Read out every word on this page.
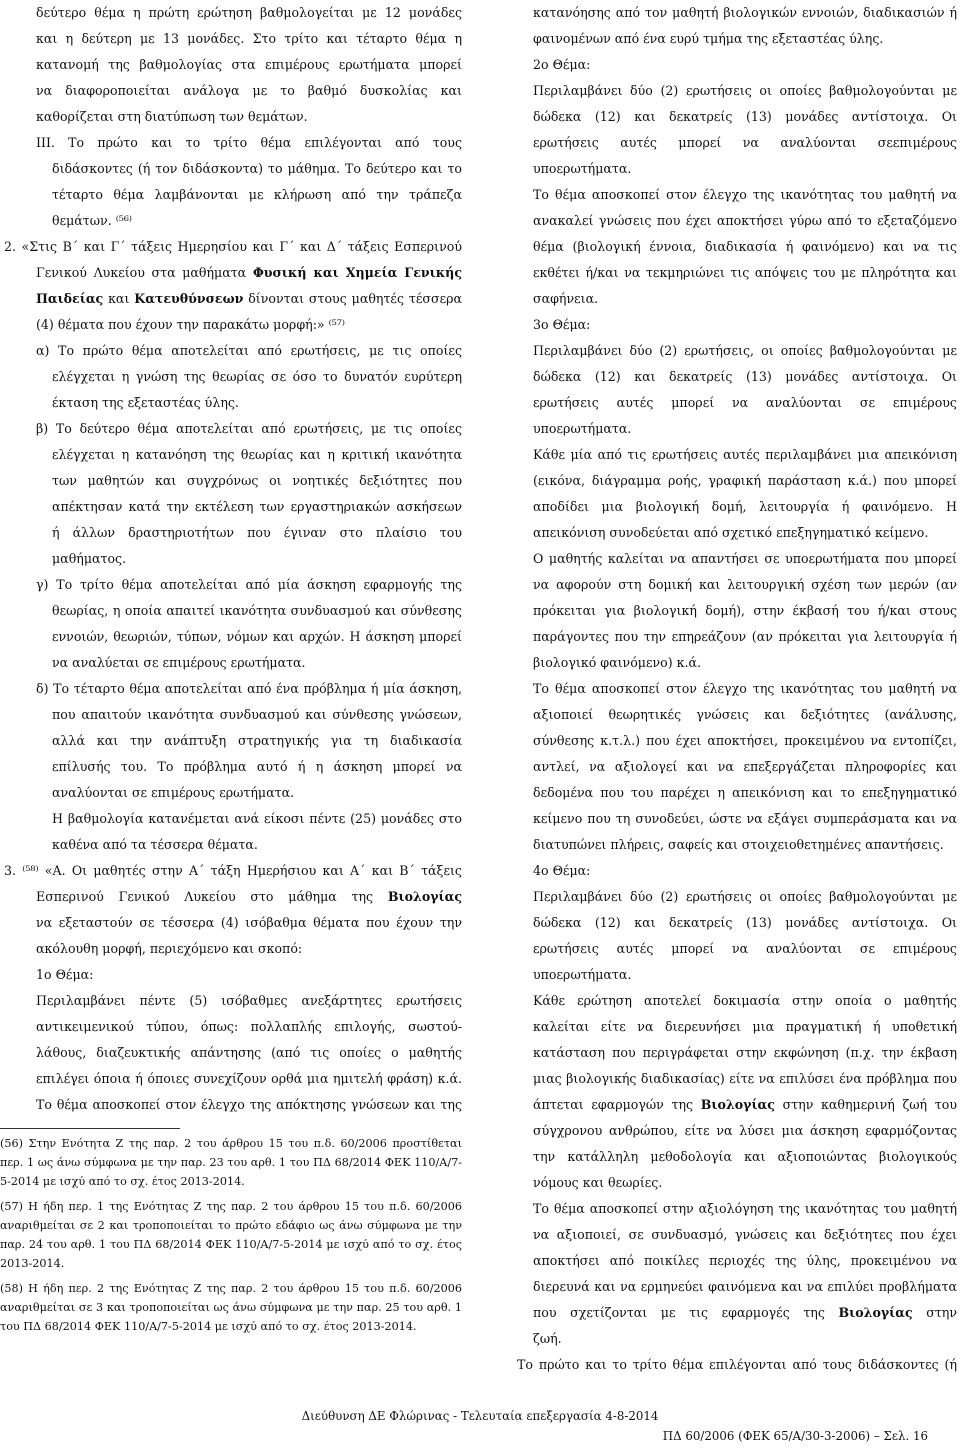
δεύτερο θέμα η πρώτη ερώτηση βαθμολογείται με 12 μονάδες
και η δεύτερη με 13 μονάδες. Στο τρίτο και τέταρτο θέμα η
κατανομή της βαθμολογίας στα επιμέρους ερωτήματα μπορεί
να διαφοροποιείται ανάλογα με το βαθμό δυσκολίας και
καθορίζεται στη διατύπωση των θεμάτων.
ΙΙΙ. Το πρώτο και το τρίτο θέμα επιλέγονται από τους
διδάσκοντες (ή τον διδάσκοντα) το μάθημα. Το δεύτερο και το
τέταρτο θέμα λαμβάνονται με κλήρωση από την τράπεζα
θεμάτων. ⁽⁵⁶⁾
2. «Στις Β΄ και Γ΄ τάξεις Ημερησίου και Γ΄ και Δ΄ τάξεις Εσπερινού
Γενικού Λυκείου στα μαθήματα Φυσική και Χημεία Γενικής
Παιδείας και Κατευθύνσεων δίνονται στους μαθητές τέσσερα
(4) θέματα που έχουν την παρακάτω μορφή:» ⁽⁵⁷⁾
α) Το πρώτο θέμα αποτελείται από ερωτήσεις, με τις οποίες
ελέγχεται η γνώση της θεωρίας σε όσο το δυνατόν ευρύτερη
έκταση της εξεταστέας ύλης.
β) Το δεύτερο θέμα αποτελείται από ερωτήσεις, με τις οποίες
ελέγχεται η κατανόηση της θεωρίας και η κριτική ικανότητα
των μαθητών και συγχρόνως οι νοητικές δεξιότητες που
απέκτησαν κατά την εκτέλεση των εργαστηριακών ασκήσεων
ή άλλων δραστηριοτήτων που έγιναν στο πλαίσιο του
μαθήματος.
γ) Το τρίτο θέμα αποτελείται από μία άσκηση εφαρμογής της
θεωρίας, η οποία απαιτεί ικανότητα συνδυασμού και σύνθεσης
εννοιών, θεωριών, τύπων, νόμων και αρχών. Η άσκηση μπορεί
να αναλύεται σε επιμέρους ερωτήματα.
δ) Το τέταρτο θέμα αποτελείται από ένα πρόβλημα ή μία άσκηση,
που απαιτούν ικανότητα συνδυασμού και σύνθεσης γνώσεων,
αλλά και την ανάπτυξη στρατηγικής για τη διαδικασία
επίλυσής του. Το πρόβλημα αυτό ή η άσκηση μπορεί να
αναλύονται σε επιμέρους ερωτήματα.
Η βαθμολογία κατανέμεται ανά είκοσι πέντε (25) μονάδες στο
καθένα από τα τέσσερα θέματα.
3. ⁽⁵⁸⁾ «Α. Οι μαθητές στην Α΄ τάξη Ημερήσιου και Α΄ και Β΄ τάξεις
Εσπερινού Γενικού Λυκείου στο μάθημα της Βιολογίας
να εξεταστούν σε τέσσερα (4) ισόβαθμα θέματα που έχουν την
ακόλουθη μορφή, περιεχόμενο και σκοπό:
1ο Θέμα:
Περιλαμβάνει πέντε (5) ισόβαθμες ανεξάρτητες ερωτήσεις
αντικειμενικού τύπου, όπως: πολλαπλής επιλογής, σωστού-
λάθους, διαζευκτικής απάντησης (από τις οποίες ο μαθητής
επιλέγει όποια ή όποιες συνεχίζουν ορθά μια ημιτελή φράση) κ.ά.
Το θέμα αποσκοπεί στον έλεγχο της απόκτησης γνώσεων και της
κατανόησης από τον μαθητή βιολογικών εννοιών, διαδικασιών ή
φαινομένων από ένα ευρύ τμήμα της εξεταστέας ύλης.
2ο Θέμα:
Περιλαμβάνει δύο (2) ερωτήσεις οι οποίες βαθμολογούνται με
δώδεκα (12) και δεκατρείς (13) μονάδες αντίστοιχα. Οι
ερωτήσεις αυτές μπορεί να αναλύονται σεεπιμέρους
υποερωτήματα.
Το θέμα αποσκοπεί στον έλεγχο της ικανότητας του μαθητή να
ανακαλεί γνώσεις που έχει αποκτήσει γύρω από το εξεταζόμενο
θέμα (βιολογική έννοια, διαδικασία ή φαινόμενο) και να τις
εκθέτει ή/και να τεκμηριώνει τις απόψεις του με πληρότητα και
σαφήνεια.
3ο Θέμα:
Περιλαμβάνει δύο (2) ερωτήσεις, οι οποίες βαθμολογούνται με
δώδεκα (12) και δεκατρείς (13) μονάδες αντίστοιχα. Οι
ερωτήσεις αυτές μπορεί να αναλύονται σε επιμέρους
υποερωτήματα.
Κάθε μία από τις ερωτήσεις αυτές περιλαμβάνει μια απεικόνιση
(εικόνα, διάγραμμα ροής, γραφική παράσταση κ.ά.) που μπορεί
αποδίδει μια βιολογική δομή, λειτουργία ή φαινόμενο. Η
απεικόνιση συνοδεύεται από σχετικό επεξηγηματικό κείμενο.
Ο μαθητής καλείται να απαντήσει σε υποερωτήματα που μπορεί
να αφορούν στη δομική και λειτουργική σχέση των μερών (αν
πρόκειται για βιολογική δομή), στην έκβασή του ή/και στους
παράγοντες που την επηρεάζουν (αν πρόκειται για λειτουργία ή
βιολογικό φαινόμενο) κ.ά.
Το θέμα αποσκοπεί στον έλεγχο της ικανότητας του μαθητή να
αξιοποιεί θεωρητικές γνώσεις και δεξιότητες (ανάλυσης,
σύνθεσης κ.τ.λ.) που έχει αποκτήσει, προκειμένου να εντοπίζει,
αντλεί, να αξιολογεί και να επεξεργάζεται πληροφορίες και
δεδομένα που του παρέχει η απεικόνιση και το επεξηγηματικό
κείμενο που τη συνοδεύει, ώστε να εξάγει συμπεράσματα και να
διατυπώνει πλήρεις, σαφείς και στοιχειοθετημένες απαντήσεις.
4ο Θέμα:
Περιλαμβάνει δύο (2) ερωτήσεις οι οποίες βαθμολογούνται με
δώδεκα (12) και δεκατρείς (13) μονάδες αντίστοιχα. Οι
ερωτήσεις αυτές μπορεί να αναλύονται σε επιμέρους
υποερωτήματα.
Κάθε ερώτηση αποτελεί δοκιμασία στην οποία ο μαθητής
καλείται είτε να διερευνήσει μια πραγματική ή υποθετική
κατάσταση που περιγράφεται στην εκφώνηση (π.χ. την έκβαση
μιας βιολογικής διαδικασίας) είτε να επιλύσει ένα πρόβλημα που
άπτεται εφαρμογών της Βιολογίας στην καθημερινή ζωή του
σύγχρονου ανθρώπου, είτε να λύσει μια άσκηση εφαρμόζοντας
την κατάλληλη μεθοδολογία και αξιοποιώντας βιολογικούς
νόμους και θεωρίες.
Το θέμα αποσκοπεί στην αξιολόγηση της ικανότητας του μαθητή
να αξιοποιεί, σε συνδυασμό, γνώσεις και δεξιότητες που έχει
αποκτήσει από ποικίλες περιοχές της ύλης, προκειμένου να
διερευνά και να ερμηνεύει φαινόμενα και να επιλύει προβλήματα
που σχετίζονται με τις εφαρμογές της Βιολογίας στην
ζωή.
Το πρώτο και το τρίτο θέμα επιλέγονται από τους διδάσκοντες (ή
(56) Στην Ενότητα Ζ της παρ. 2 του άρθρου 15 του π.δ. 60/2006 προστίθεται περ. 1 ως άνω σύμφωνα με την παρ. 23 του αρθ. 1 του ΠΔ 68/2014 ΦΕΚ 110/Α/7-5-2014 με ισχύ από το σχ. έτος 2013-2014.
(57) Η ήδη περ. 1 της Ενότητας Ζ της παρ. 2 του άρθρου 15 του π.δ. 60/2006 αναριθμείται σε 2 και τροποποιείται το πρώτο εδάφιο ως άνω σύμφωνα με την παρ. 24 του αρθ. 1 του ΠΔ 68/2014 ΦΕΚ 110/Α/7-5-2014 με ισχύ από το σχ. έτος 2013-2014.
(58) Η ήδη περ. 2 της Ενότητας Ζ της παρ. 2 του άρθρου 15 του π.δ. 60/2006 αναριθμείται σε 3 και τροποποιείται ως άνω σύμφωνα με την παρ. 25 του αρθ. 1 του ΠΔ 68/2014 ΦΕΚ 110/Α/7-5-2014 με ισχύ από το σχ. έτος 2013-2014.
Διεύθυνση ΔΕ Φλώρινας - Τελευταία επεξεργασία 4-8-2014
ΠΔ 60/2006 (ΦΕΚ 65/Α/30-3-2006) – Σελ. 16
